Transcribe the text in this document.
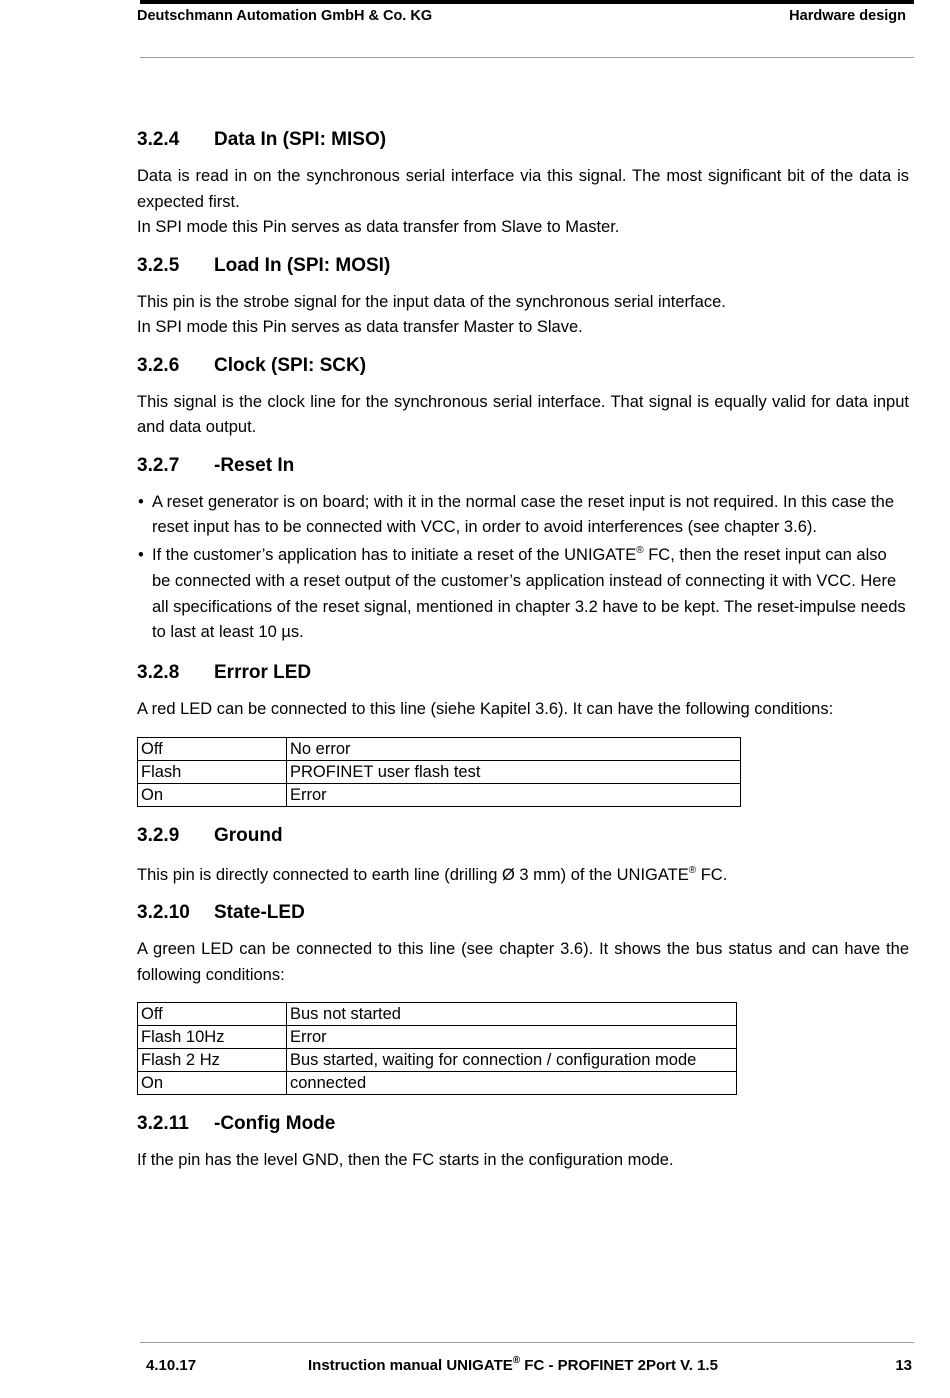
Deutschmann Automation GmbH & Co. KG	Hardware design
3.2.4 Data In (SPI: MISO)

Data is read in on the synchronous serial interface via this signal. The most significant bit of the data is expected first.

In SPI mode this Pin serves as data transfer from Slave to Master.

3.2.5 Load In (SPI: MOSI)

This pin is the strobe signal for the input data of the synchronous serial interface.

In SPI mode this Pin serves as data transfer Master to Slave.

3.2.6 Clock (SPI: SCK)

This signal is the clock line for the synchronous serial interface. That signal is equally valid for data input and data output.

3.2.7 -Reset In
• A reset generator is on board; with it in the normal case the reset input is not required. In this case the reset input has to be connected with VCC, in order to avoid interferences (see chapter 3.6).
• If the customer’s application has to initiate a reset of the UNIGATE® FC, then the reset input can also be connected with a reset output of the customer’s application instead of connecting it with VCC. Here all specifications of the reset signal, mentioned in chapter 3.2 have to be kept. The reset-impulse needs to last at least 10 µs.
3.2.8 Errror LED

A red LED can be connected to this line (siehe Kapitel 3.6). It can have the following conditions:

Off	No error
Flash	PROFINET user flash test
On	Error
3.2.9 Ground

This pin is directly connected to earth line (drilling Ø 3 mm) of the UNIGATE® FC.

3.2.10 State-LED

A green LED can be connected to this line (see chapter 3.6). It shows the bus status and can have the following conditions:

Off	Bus not started
Flash 10Hz	Error
Flash 2 Hz	Bus started, waiting for connection / configuration mode
On	connected
3.2.11 -Config Mode

If the pin has the level GND, then the FC starts in the configuration mode.

4.10.17	Instruction manual UNIGATE® FC - PROFINET 2Port V. 1.5	13
